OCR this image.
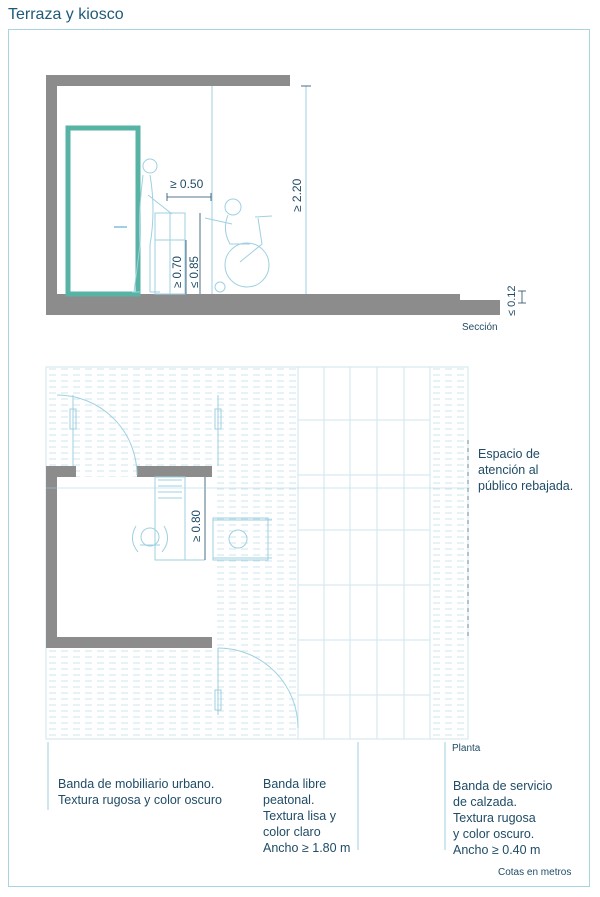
Terraza y kiosco
≥ 0.50
≥ 0.70 ≤ 0.85
≥ 2.20
≤ 0.12
Sección
≥ 0.80
Planta
Espacio de
atención al
público rebajada.
Banda de mobiliario urbano.
Textura rugosa y color oscuro
Banda libre
peatonal.
Textura lisa y
color claro
Ancho ≥ 1.80 m
Banda de servicio
de calzada.
Textura rugosa
y color oscuro.
Ancho ≥ 0.40 m
Cotas en metros
